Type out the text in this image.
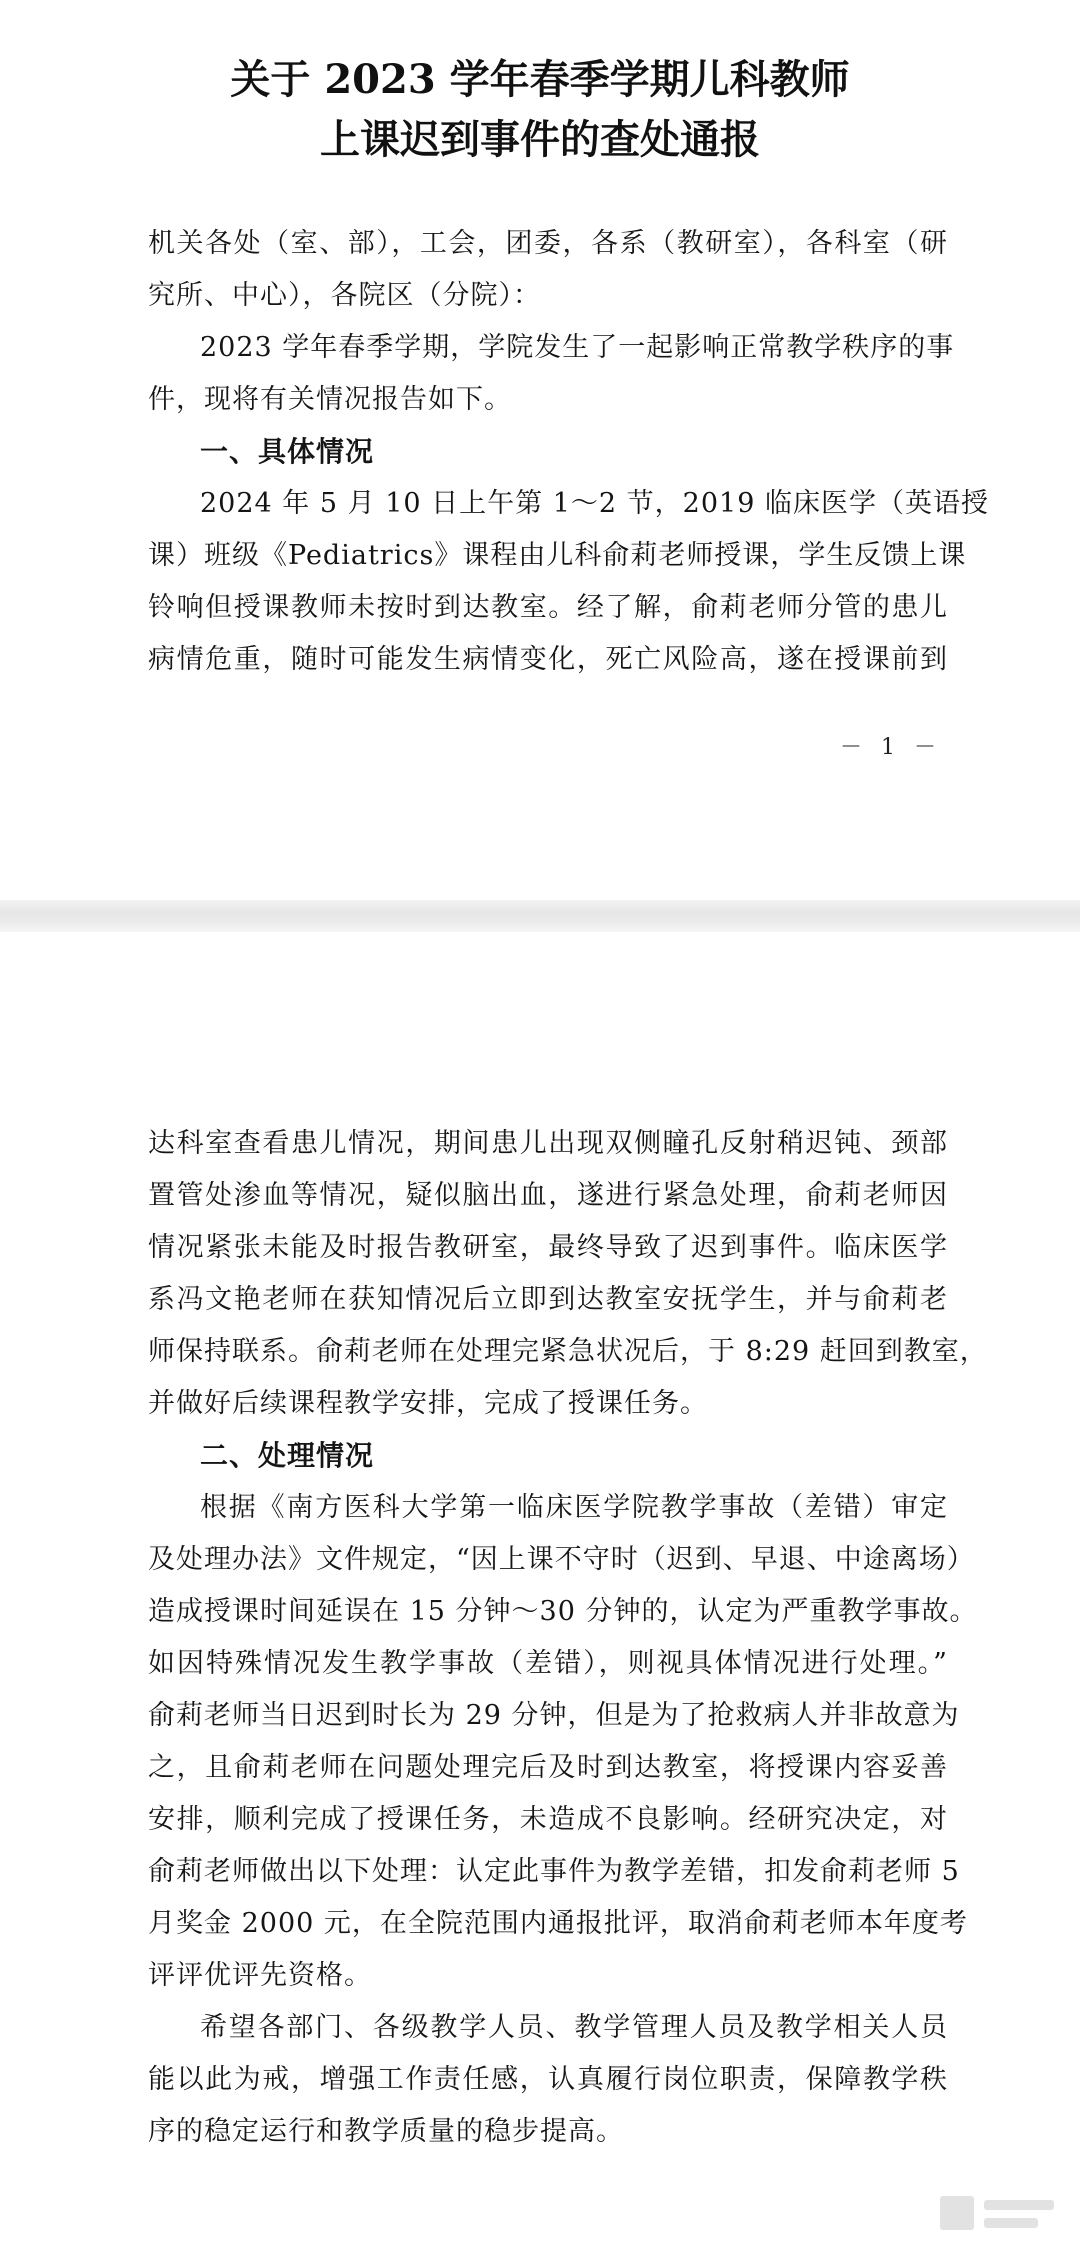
关于 2023 学年春季学期儿科教师
上课迟到事件的查处通报

机关各处（室、部），工会，团委，各系（教研室），各科室（研

究所、中心），各院区（分院）：

2023 学年春季学期，学院发生了一起影响正常教学秩序的事

件，现将有关情况报告如下。

一、具体情况

2024 年 5 月 10 日上午第 1～2 节，2019 临床医学（英语授

课）班级《Pediatrics》课程由儿科俞莉老师授课，学生反馈上课

铃响但授课教师未按时到达教室。经了解，俞莉老师分管的患儿

病情危重，随时可能发生病情变化，死亡风险高，遂在授课前到

－ 1 －

达科室查看患儿情况，期间患儿出现双侧瞳孔反射稍迟钝、颈部

置管处渗血等情况，疑似脑出血，遂进行紧急处理，俞莉老师因

情况紧张未能及时报告教研室，最终导致了迟到事件。临床医学

系冯文艳老师在获知情况后立即到达教室安抚学生，并与俞莉老

师保持联系。俞莉老师在处理完紧急状况后，于 8:29 赶回到教室，

并做好后续课程教学安排，完成了授课任务。

二、处理情况

根据《南方医科大学第一临床医学院教学事故（差错）审定

及处理办法》文件规定，“因上课不守时（迟到、早退、中途离场）

造成授课时间延误在 15 分钟～30 分钟的，认定为严重教学事故。

如因特殊情况发生教学事故（差错），则视具体情况进行处理。”

俞莉老师当日迟到时长为 29 分钟，但是为了抢救病人并非故意为

之，且俞莉老师在问题处理完后及时到达教室，将授课内容妥善

安排，顺利完成了授课任务，未造成不良影响。经研究决定，对

俞莉老师做出以下处理：认定此事件为教学差错，扣发俞莉老师 5

月奖金 2000 元，在全院范围内通报批评，取消俞莉老师本年度考

评评优评先资格。

希望各部门、各级教学人员、教学管理人员及教学相关人员

能以此为戒，增强工作责任感，认真履行岗位职责，保障教学秩

序的稳定运行和教学质量的稳步提高。
